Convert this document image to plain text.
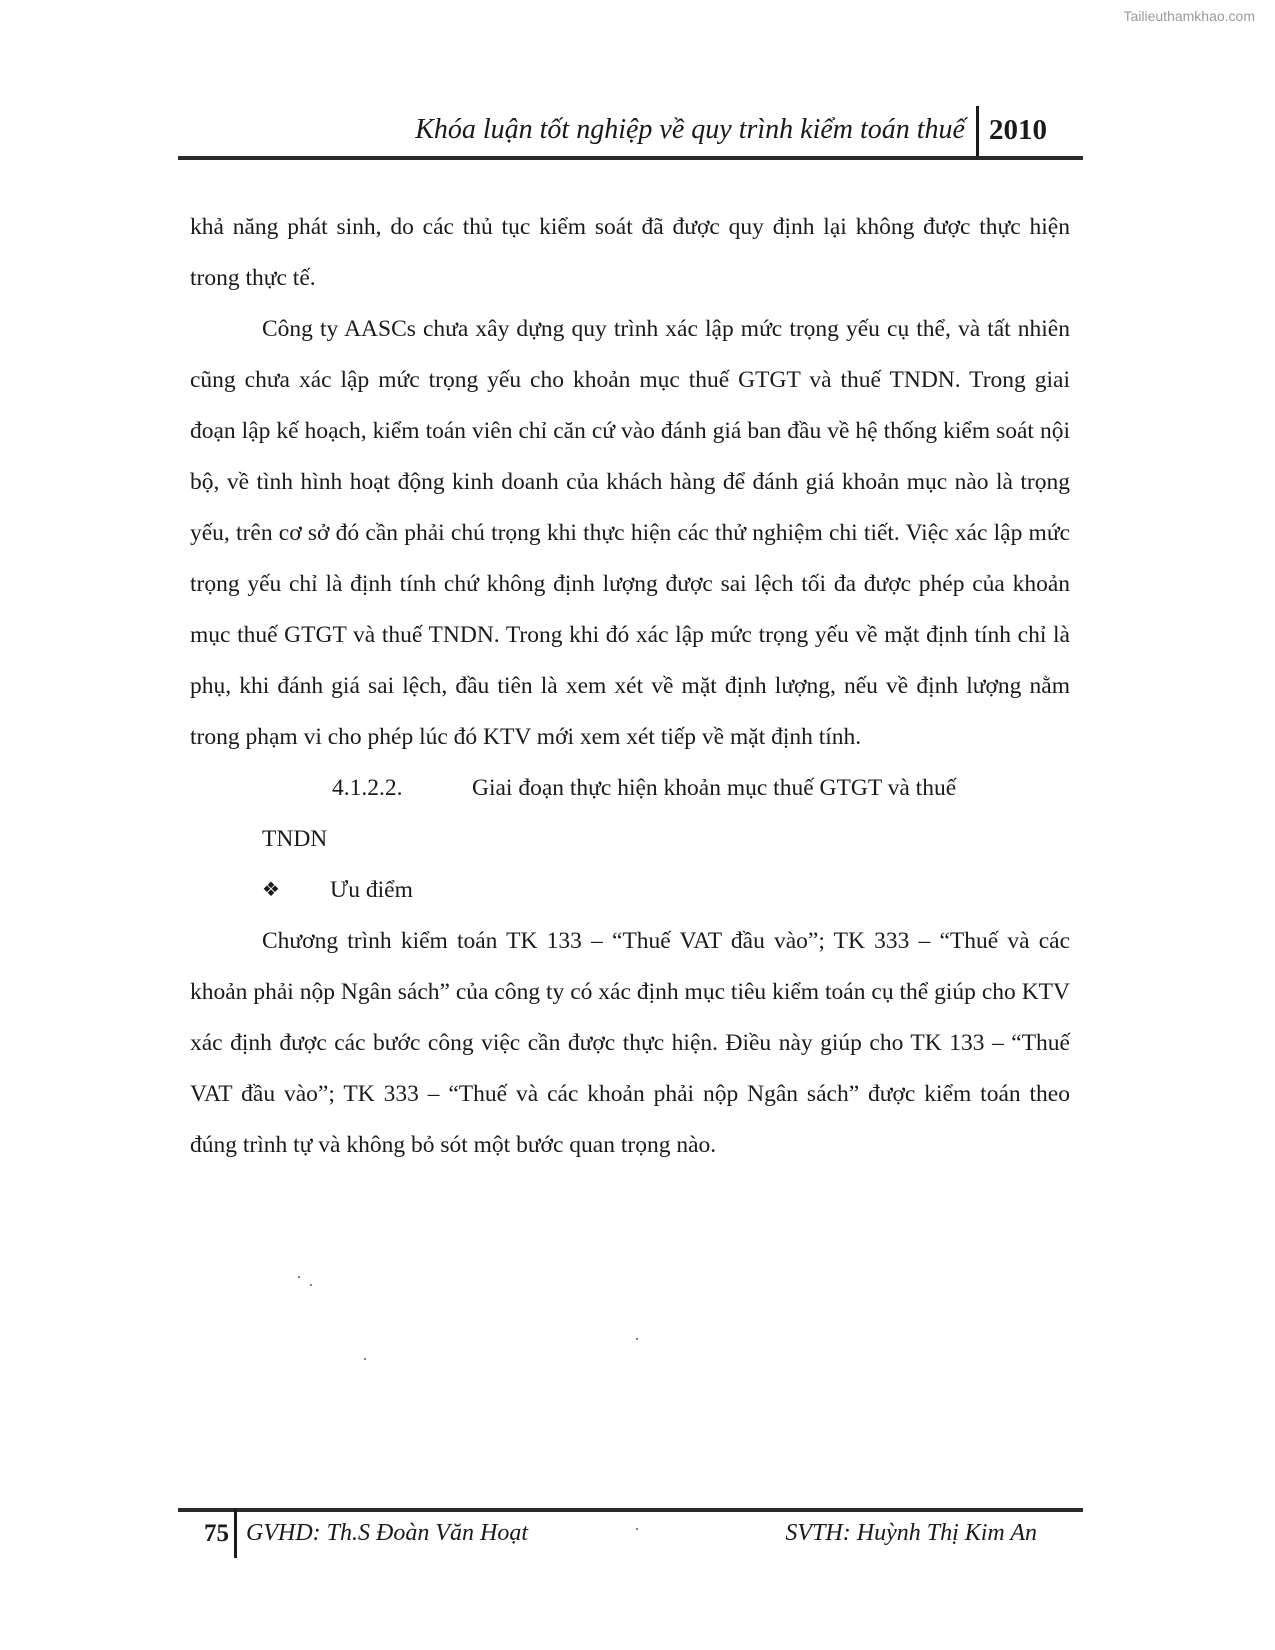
Tailieuthamkhao.com
Khóa luận tốt nghiệp về quy trình kiểm toán thuế 2010

khả năng phát sinh, do các thủ tục kiểm soát đã được quy định lại không được thực hiện trong thực tế.

Công ty AASCs chưa xây dựng quy trình xác lập mức trọng yếu cụ thể, và tất nhiên cũng chưa xác lập mức trọng yếu cho khoản mục thuế GTGT và thuế TNDN. Trong giai đoạn lập kế hoạch, kiểm toán viên chỉ căn cứ vào đánh giá ban đầu về hệ thống kiểm soát nội bộ, về tình hình hoạt động kinh doanh của khách hàng để đánh giá khoản mục nào là trọng yếu, trên cơ sở đó cần phải chú trọng khi thực hiện các thử nghiệm chi tiết. Việc xác lập mức trọng yếu chỉ là định tính chứ không định lượng được sai lệch tối đa được phép của khoản mục thuế GTGT và thuế TNDN. Trong khi đó xác lập mức trọng yếu về mặt định tính chỉ là phụ, khi đánh giá sai lệch, đầu tiên là xem xét về mặt định lượng, nếu về định lượng nằm trong phạm vi cho phép lúc đó KTV mới xem xét tiếp về mặt định tính.

4.1.2.2.	Giai đoạn thực hiện khoản mục thuế GTGT và thuế
TNDN
❖	Ưu điểm

Chương trình kiểm toán TK 133 – “Thuế VAT đầu vào”; TK 333 – “Thuế và các khoản phải nộp Ngân sách” của công ty có xác định mục tiêu kiểm toán cụ thể giúp cho KTV xác định được các bước công việc cần được thực hiện. Điều này giúp cho TK 133 – “Thuế VAT đầu vào”; TK 333 – “Thuế và các khoản phải nộp Ngân sách” được kiểm toán theo đúng trình tự và không bỏ sót một bước quan trọng nào.

75 GVHD: Th.S Đoàn Văn Hoạt	SVTH: Huỳnh Thị Kim An
